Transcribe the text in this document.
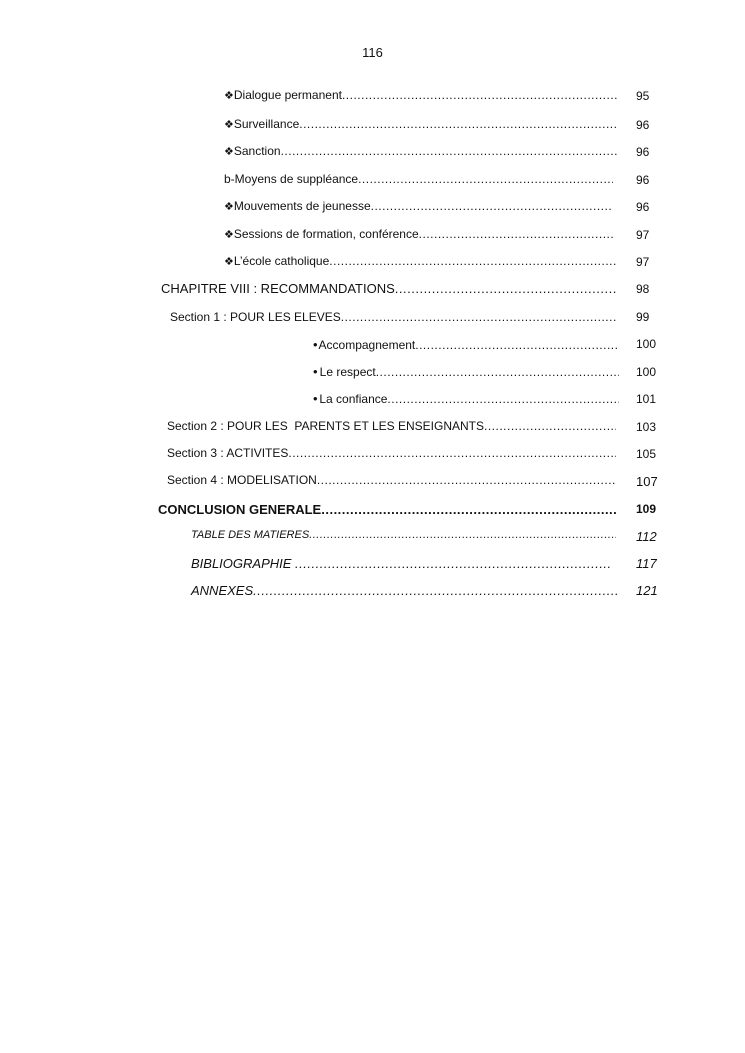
116
❖ Dialogue permanent .....	95
❖ Surveillance .....	96
❖ Sanction .....	96
b- Moyens de suppléance .....	96
❖ Mouvements de jeunesse .....	96
❖ Sessions de formation, conférence .....	97
❖ L’école catholique .....	97
CHAPITRE VIII : RECOMMANDATIONS .....	98
Section 1 : POUR LES ELEVES .....	99
• Accompagnement .....	100
• Le respect .....	100
• La confiance .....	101
Section 2 : POUR LES  PARENTS ET LES ENSEIGNANTS .....	103
Section 3 : ACTIVITES .....	105
Section 4 : MODELISATION .....	107
CONCLUSION GENERALE .....	109
TABLE DES MATIERES .....	112
BIBLIOGRAPHIE .....	117
ANNEXES .....	121
